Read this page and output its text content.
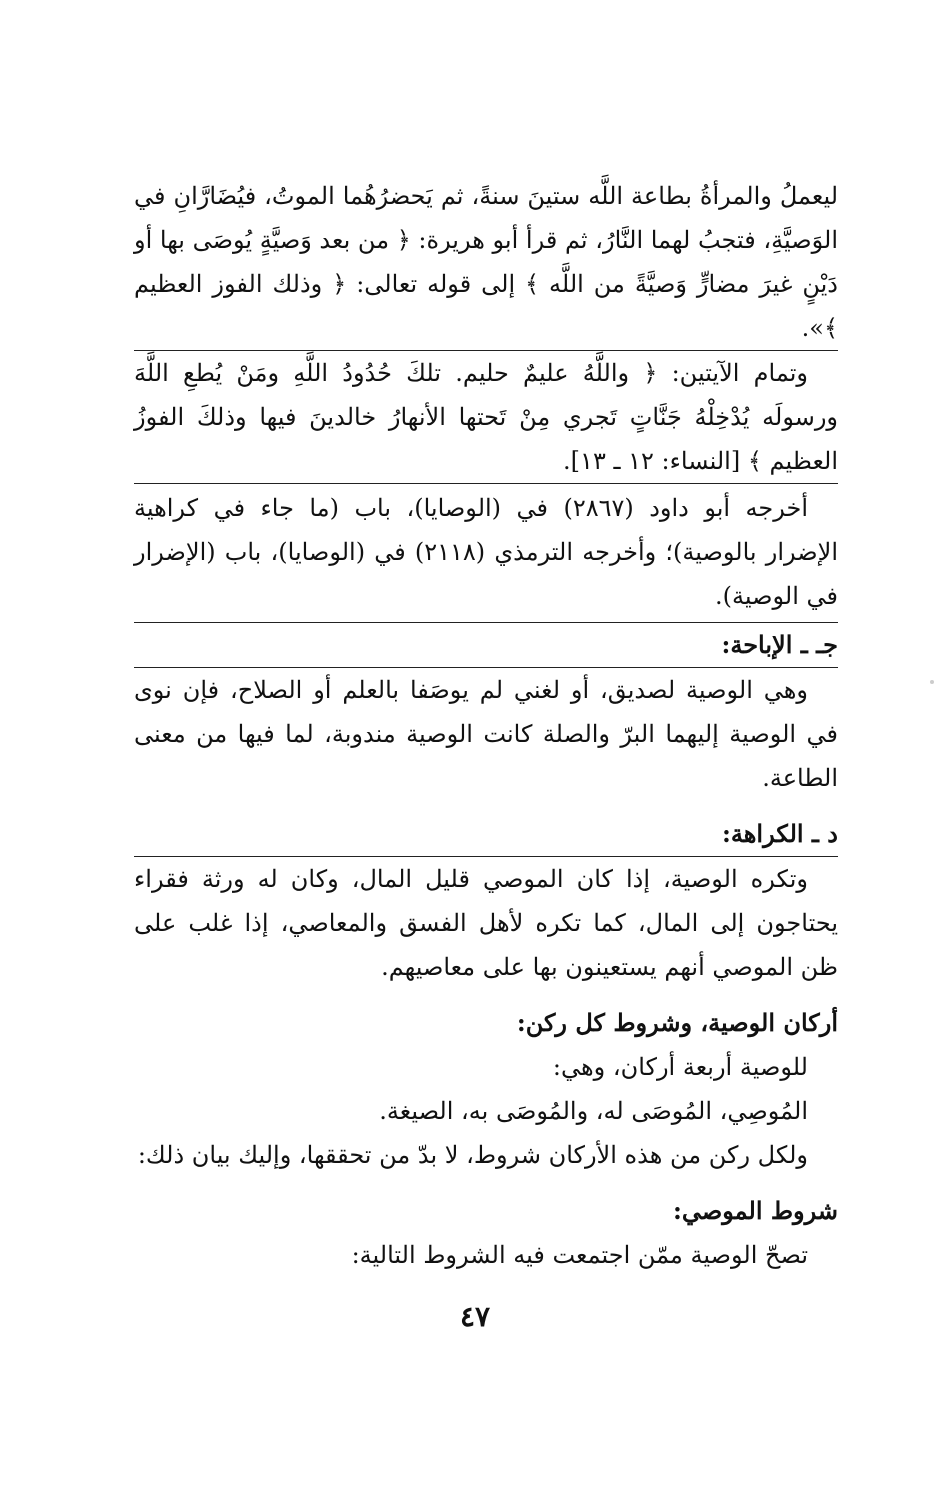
ليعملُ والمرأةُ بطاعة اللَّه ستينَ سنةً، ثم يَحضرُهُما الموتُ، فيُضَارَّانِ في الوَصيَّةِ، فتجبُ لهما النَّارُ، ثم قرأ أبو هريرة: ﴿ من بعد وَصيَّةٍ يُوصَى بها أو دَيْنٍ غيرَ مضارٍّ وَصيَّةً من اللَّه ﴾ إلى قوله تعالى: ﴿ وذلك الفوز العظيم ﴾».

وتمام الآيتين: ﴿ واللَّهُ عليمٌ حليم. تلكَ حُدُودُ اللَّهِ ومَنْ يُطعِ اللَّهَ ورسولَه يُدْخِلْهُ جَنَّاتٍ تَجري مِنْ تَحتها الأنهارُ خالدينَ فيها وذلكَ الفوزُ العظيم ﴾ [النساء: ١٢ ـ ١٣].

أخرجه أبو داود (٢٨٦٧) في (الوصايا)، باب (ما جاء في كراهية الإضرار بالوصية)؛ وأخرجه الترمذي (٢١١٨) في (الوصايا)، باب (الإضرار في الوصية).

جـ ـ الإباحة:

وهي الوصية لصديق، أو لغني لم يوصَفا بالعلم أو الصلاح، فإن نوى في الوصية إليهما البرّ والصلة كانت الوصية مندوبة، لما فيها من معنى الطاعة.

د ـ الكراهة:

وتكره الوصية، إذا كان الموصي قليل المال، وكان له ورثة فقراء يحتاجون إلى المال، كما تكره لأهل الفسق والمعاصي، إذا غلب على ظن الموصي أنهم يستعينون بها على معاصيهم.

أركان الوصية، وشروط كل ركن:

للوصية أربعة أركان، وهي:

المُوصِي، المُوصَى له، والمُوصَى به، الصيغة.

ولكل ركن من هذه الأركان شروط، لا بدّ من تحققها، وإليك بيان ذلك:

شروط الموصي:

تصحّ الوصية ممّن اجتمعت فيه الشروط التالية:

٤٧
